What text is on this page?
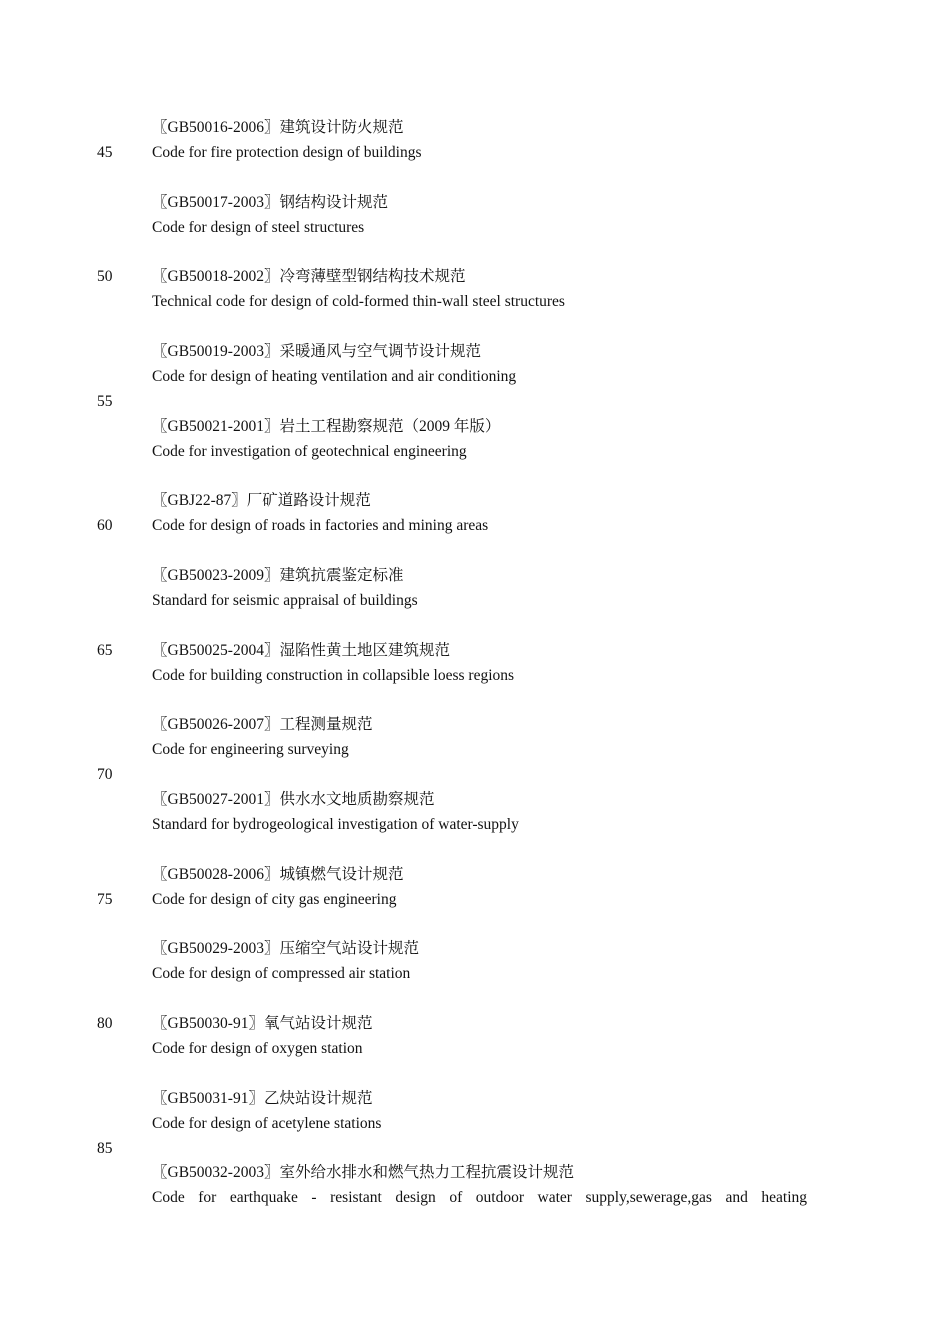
45
50
55
60
65
70
75
80
85
〖GB50016-2006〗建筑设计防火规范
Code for fire protection design of buildings
〖GB50017-2003〗钢结构设计规范
Code for design of steel structures
〖GB50018-2002〗冷弯薄壁型钢结构技术规范
Technical code for design of cold-formed thin-wall steel structures
〖GB50019-2003〗采暖通风与空气调节设计规范
Code for design of heating ventilation and air conditioning
〖GB50021-2001〗岩土工程勘察规范（2009 年版）
Code for investigation of geotechnical engineering
〖GBJ22-87〗厂矿道路设计规范
Code for design of roads in factories and mining areas
〖GB50023-2009〗建筑抗震鉴定标准
Standard for seismic appraisal of buildings
〖GB50025-2004〗湿陷性黄土地区建筑规范
Code for building construction in collapsible loess regions
〖GB50026-2007〗工程测量规范
Code for engineering surveying
〖GB50027-2001〗供水水文地质勘察规范
Standard for bydrogeological investigation of water-supply
〖GB50028-2006〗城镇燃气设计规范
Code for design of city gas engineering
〖GB50029-2003〗压缩空气站设计规范
Code for design of compressed air station
〖GB50030-91〗氧气站设计规范
Code for design of oxygen station
〖GB50031-91〗乙炔站设计规范
Code for design of acetylene stations
〖GB50032-2003〗室外给水排水和燃气热力工程抗震设计规范
Code for earthquake - resistant design of outdoor water supply,sewerage,gas and heating
